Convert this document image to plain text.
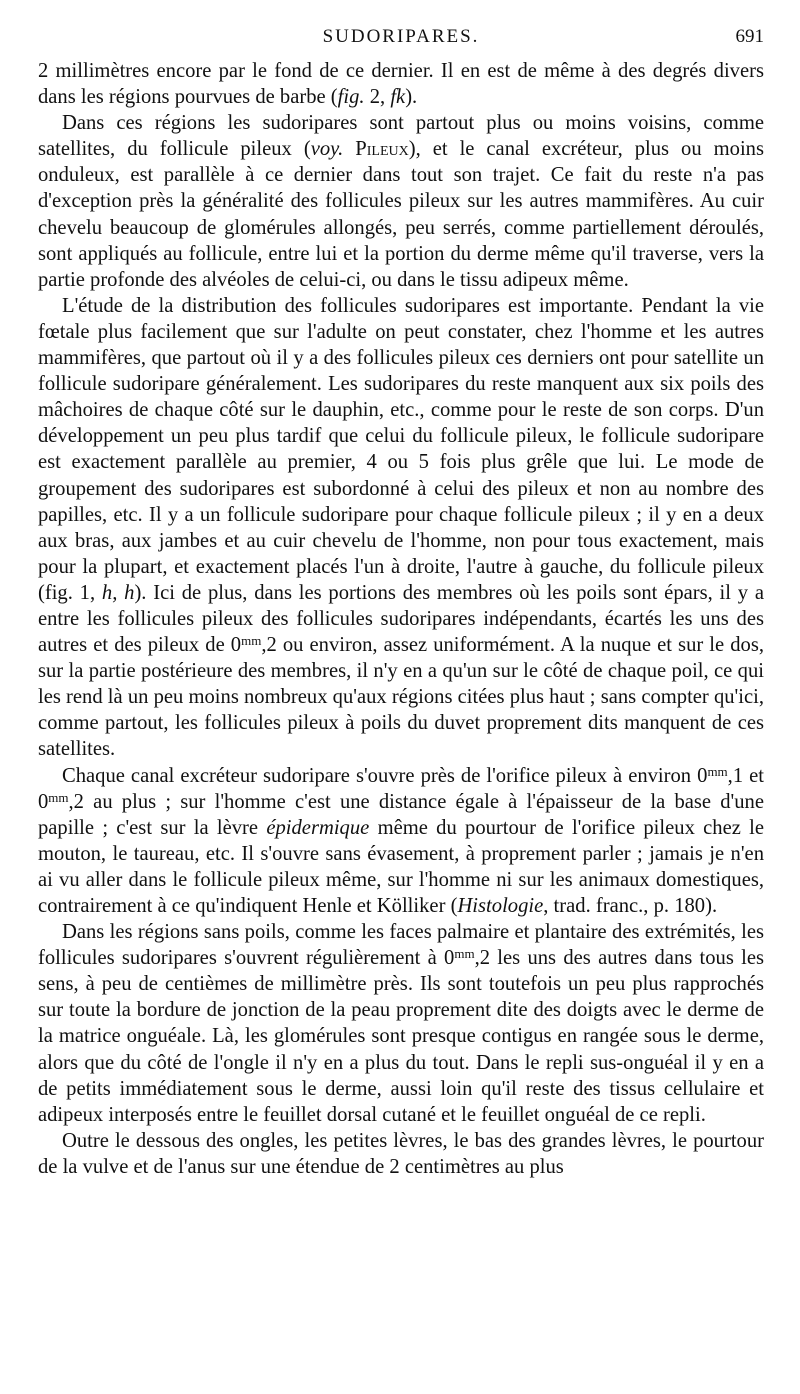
SUDORIPARES.	691

2 millimètres encore par le fond de ce dernier. Il en est de même à des degrés divers dans les régions pourvues de barbe (fig. 2, fk).

Dans ces régions les sudoripares sont partout plus ou moins voisins, comme satellites, du follicule pileux (voy. Pileux), et le canal excréteur, plus ou moins onduleux, est parallèle à ce dernier dans tout son trajet. Ce fait du reste n'a pas d'exception près la généralité des follicules pileux sur les autres mammifères. Au cuir chevelu beaucoup de glomérules allongés, peu serrés, comme partiellement déroulés, sont appliqués au follicule, entre lui et la portion du derme même qu'il traverse, vers la partie profonde des alvéoles de celui-ci, ou dans le tissu adipeux même.

L'étude de la distribution des follicules sudoripares est importante. Pendant la vie fœtale plus facilement que sur l'adulte on peut constater, chez l'homme et les autres mammifères, que partout où il y a des follicules pileux ces derniers ont pour satellite un follicule sudoripare généralement. Les sudoripares du reste manquent aux six poils des mâchoires de chaque côté sur le dauphin, etc., comme pour le reste de son corps. D'un développement un peu plus tardif que celui du follicule pileux, le follicule sudoripare est exactement parallèle au premier, 4 ou 5 fois plus grêle que lui. Le mode de groupement des sudoripares est subordonné à celui des pileux et non au nombre des papilles, etc. Il y a un follicule sudoripare pour chaque follicule pileux ; il y en a deux aux bras, aux jambes et au cuir chevelu de l'homme, non pour tous exactement, mais pour la plupart, et exactement placés l'un à droite, l'autre à gauche, du follicule pileux (fig. 1, h, h). Ici de plus, dans les portions des membres où les poils sont épars, il y a entre les follicules pileux des follicules sudoripares indépendants, écartés les uns des autres et des pileux de $0^{mm},2$ ou environ, assez uniformément. A la nuque et sur le dos, sur la partie postérieure des membres, il n'y en a qu'un sur le côté de chaque poil, ce qui les rend là un peu moins nombreux qu'aux régions citées plus haut ; sans compter qu'ici, comme partout, les follicules pileux à poils du duvet proprement dits manquent de ces satellites.

Chaque canal excréteur sudoripare s'ouvre près de l'orifice pileux à environ $0^{mm},1$ et $0^{mm},2$ au plus ; sur l'homme c'est une distance égale à l'épaisseur de la base d'une papille ; c'est sur la lèvre épidermique même du pourtour de l'orifice pileux chez le mouton, le taureau, etc. Il s'ouvre sans évasement, à proprement parler ; jamais je n'en ai vu aller dans le follicule pileux même, sur l'homme ni sur les animaux domestiques, contrairement à ce qu'indiquent Henle et Kölliker (Histologie, trad. franc., p. 180).

Dans les régions sans poils, comme les faces palmaire et plantaire des extrémités, les follicules sudoripares s'ouvrent régulièrement à $0^{mm},2$ les uns des autres dans tous les sens, à peu de centièmes de millimètre près. Ils sont toutefois un peu plus rapprochés sur toute la bordure de jonction de la peau proprement dite des doigts avec le derme de la matrice onguéale. Là, les glomérules sont presque contigus en rangée sous le derme, alors que du côté de l'ongle il n'y en a plus du tout. Dans le repli sus-onguéal il y en a de petits immédiatement sous le derme, aussi loin qu'il reste des tissus cellulaire et adipeux interposés entre le feuillet dorsal cutané et le feuillet onguéal de ce repli.

Outre le dessous des ongles, les petites lèvres, le bas des grandes lèvres, le pourtour de la vulve et de l'anus sur une étendue de 2 centimètres au plus
